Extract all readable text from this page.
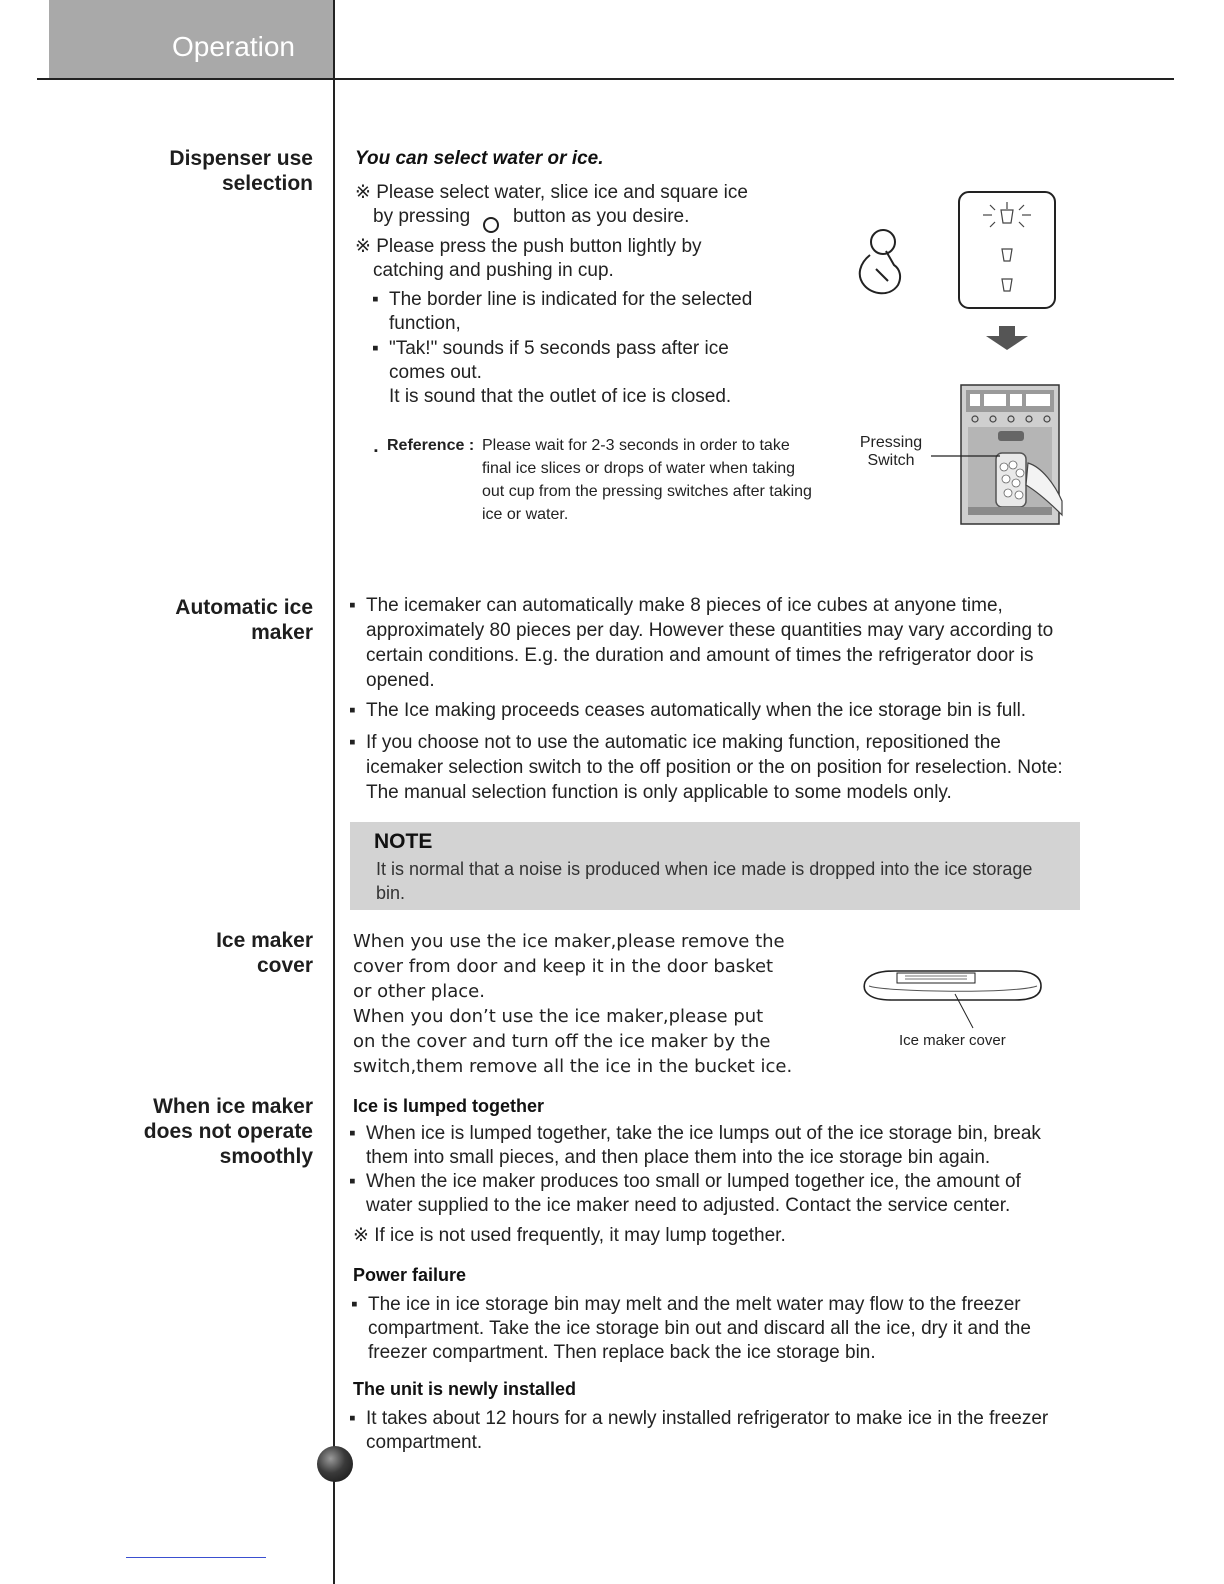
Operation
Dispenser use
selection
You can select water or ice.
※ Please select water, slice ice and square ice
by pressing button as you desire.
※ Please press the push button lightly by
catching and pushing in cup.
▪ The border line is indicated for the selected
function,
▪ "Tak!" sounds if 5 seconds pass after ice
comes out.
It is sound that the outlet of ice is closed.
▪ Reference : Please wait for 2-3 seconds in order to take
final ice slices or drops of water when taking
out cup from the pressing switches after taking
ice or water.
Pressing
Switch
Automatic ice
maker
▪ The icemaker can automatically make 8 pieces of ice cubes at anyone time,
approximately 80 pieces per day. However these quantities may vary according to
certain conditions. E.g. the duration and amount of times the refrigerator door is
opened.
▪ The Ice making proceeds ceases automatically when the ice storage bin is full.
▪ If you choose not to use the automatic ice making function, repositioned the
icemaker selection switch to the off position or the on position for reselection. Note:
The manual selection function is only applicable to some models only.
NOTE
It is normal that a noise is produced when ice made is dropped into the ice storage
bin.
Ice maker
cover
When you use the ice maker,please remove the
cover from door and keep it in the door basket
or other place.
When you don’t use the ice maker,please put
on the cover and turn off the ice maker by the
switch,them remove all the ice in the bucket ice.
Ice maker cover
When ice maker
does not operate
smoothly
Ice is lumped together
▪ When ice is lumped together, take the ice lumps out of the ice storage bin, break
them into small pieces, and then place them into the ice storage bin again.
▪ When the ice maker produces too small or lumped together ice, the amount of
water supplied to the ice maker need to adjusted. Contact the service center.
※ If ice is not used frequently, it may lump together.
Power failure
▪ The ice in ice storage bin may melt and the melt water may flow to the freezer
compartment. Take the ice storage bin out and discard all the ice, dry it and the
freezer compartment. Then replace back the ice storage bin.
The unit is newly installed
▪ It takes about 12 hours for a newly installed refrigerator to make ice in the freezer
compartment.
